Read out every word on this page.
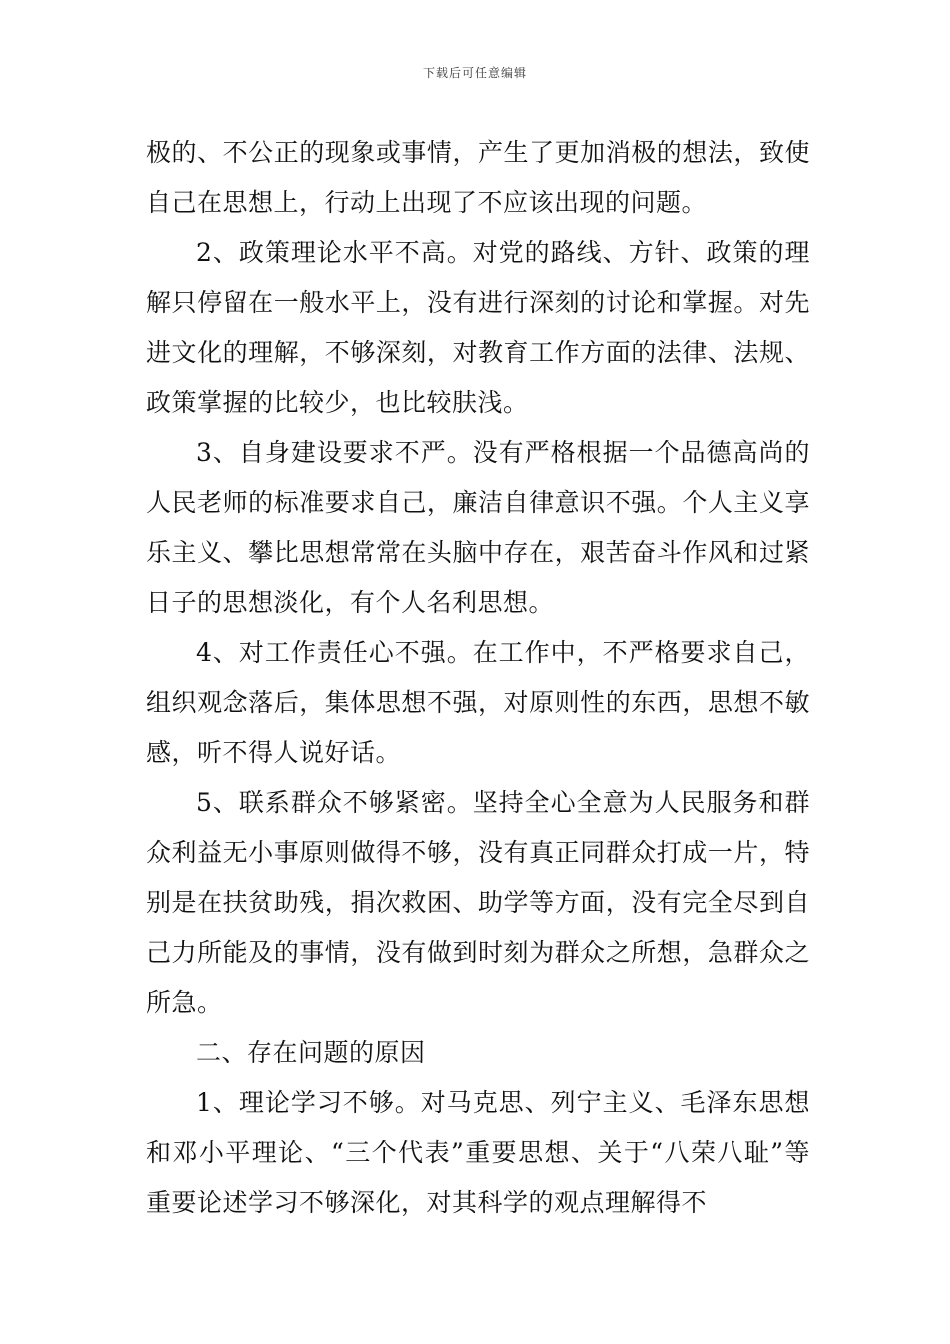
下载后可任意编辑

极的、不公正的现象或事情，产生了更加消极的想法，致使自己在思想上，行动上出现了不应该出现的问题。

2、政策理论水平不高。对党的路线、方针、政策的理解只停留在一般水平上，没有进行深刻的讨论和掌握。对先进文化的理解，不够深刻，对教育工作方面的法律、法规、政策掌握的比较少，也比较肤浅。

3、自身建设要求不严。没有严格根据一个品德高尚的人民老师的标准要求自己，廉洁自律意识不强。个人主义享乐主义、攀比思想常常在头脑中存在，艰苦奋斗作风和过紧日子的思想淡化，有个人名利思想。

4、对工作责任心不强。在工作中，不严格要求自己，组织观念落后，集体思想不强，对原则性的东西，思想不敏感，听不得人说好话。

5、联系群众不够紧密。坚持全心全意为人民服务和群众利益无小事原则做得不够，没有真正同群众打成一片，特别是在扶贫助残，捐次救困、助学等方面，没有完全尽到自己力所能及的事情，没有做到时刻为群众之所想，急群众之所急。

二、存在问题的原因

1、理论学习不够。对马克思、列宁主义、毛泽东思想和邓小平理论、“三个代表”重要思想、关于“八荣八耻”等重要论述学习不够深化，对其科学的观点理解得不
